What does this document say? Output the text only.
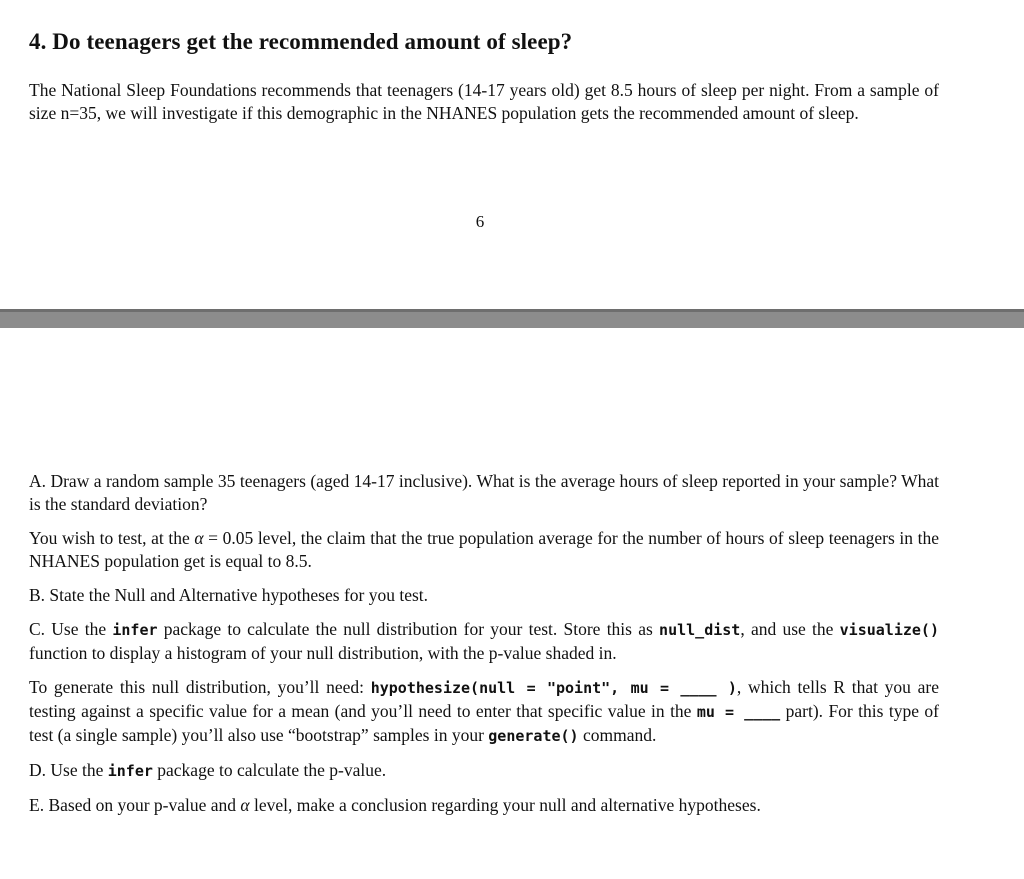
4. Do teenagers get the recommended amount of sleep?

The National Sleep Foundations recommends that teenagers (14-17 years old) get 8.5 hours of sleep per night. From a sample of size n=35, we will investigate if this demographic in the NHANES population gets the recommended amount of sleep.

6

A. Draw a random sample 35 teenagers (aged 14-17 inclusive). What is the average hours of sleep reported in your sample? What is the standard deviation?

You wish to test, at the α = 0.05 level, the claim that the true population average for the number of hours of sleep teenagers in the NHANES population get is equal to 8.5.

B. State the Null and Alternative hypotheses for you test.

C. Use the infer package to calculate the null distribution for your test. Store this as null_dist, and use the visualize() function to display a histogram of your null distribution, with the p-value shaded in.

To generate this null distribution, you’ll need: hypothesize(null = "point", mu = ____ ), which tells R that you are testing against a specific value for a mean (and you’ll need to enter that specific value in the mu = ____ part). For this type of test (a single sample) you’ll also use “bootstrap” samples in your generate() command.

D. Use the infer package to calculate the p-value.

E. Based on your p-value and α level, make a conclusion regarding your null and alternative hypotheses.
